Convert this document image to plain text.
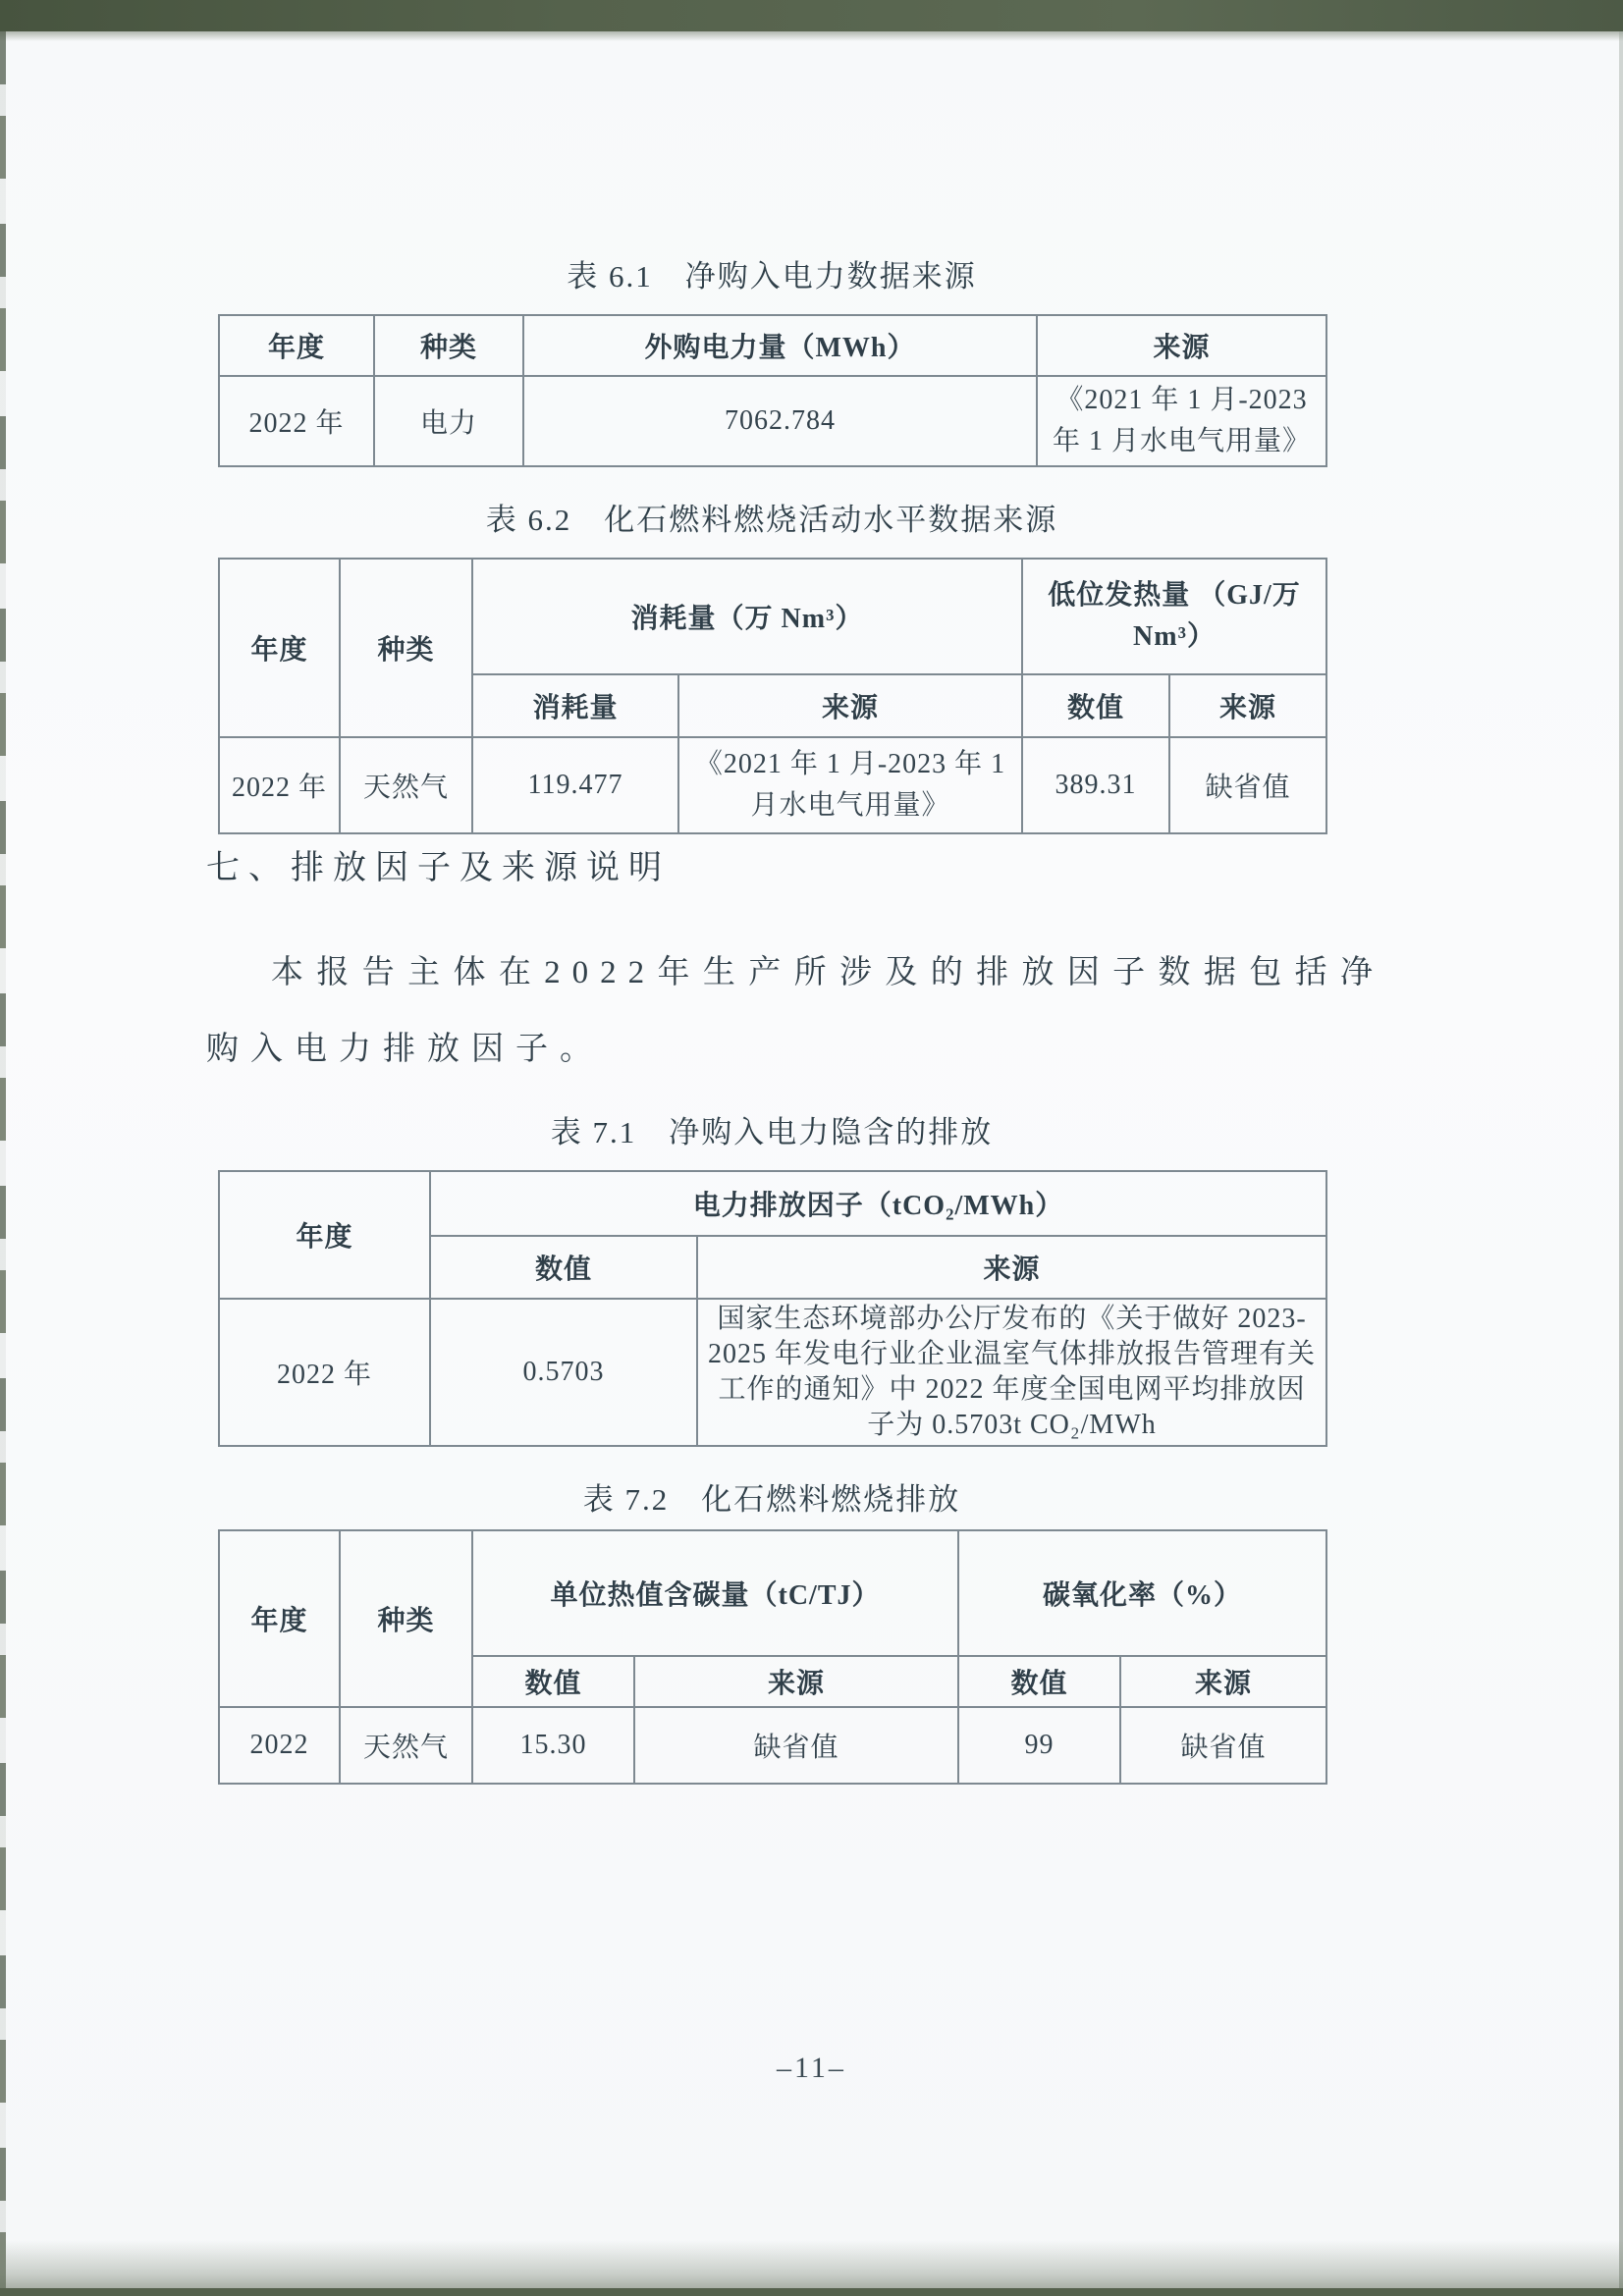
表 6.1　净购入电力数据来源
年度	种类	外购电力量（MWh）	来源
2022 年	电力	7062.784	《2021 年 1 月-2023 年 1 月水电气用量》
表 6.2　化石燃料燃烧活动水平数据来源
年度	种类	消耗量（万 Nm³）		低位发热量 （GJ/万 Nm³）	
		消耗量	来源	数值	来源
2022 年	天然气	119.477	《2021 年 1 月-2023 年 1 月水电气用量》	389.31	缺省值
七、排放因子及来源说明
本报告主体在2022年生产所涉及的排放因子数据包括净购入电力排放因子。
表 7.1　净购入电力隐含的排放
年度	电力排放因子（tCO₂/MWh）	
	数值	来源
2022 年	0.5703	国家生态环境部办公厅发布的《关于做好 2023-2025 年发电行业企业温室气体排放报告管理有关工作的通知》中 2022 年度全国电网平均排放因子为 0.5703t CO₂/MWh
表 7.2　化石燃料燃烧排放
年度	种类	单位热值含碳量（tC/TJ）		碳氧化率（%）	
		数值	来源	数值	来源
2022	天然气	15.30	缺省值	99	缺省值
–11–
